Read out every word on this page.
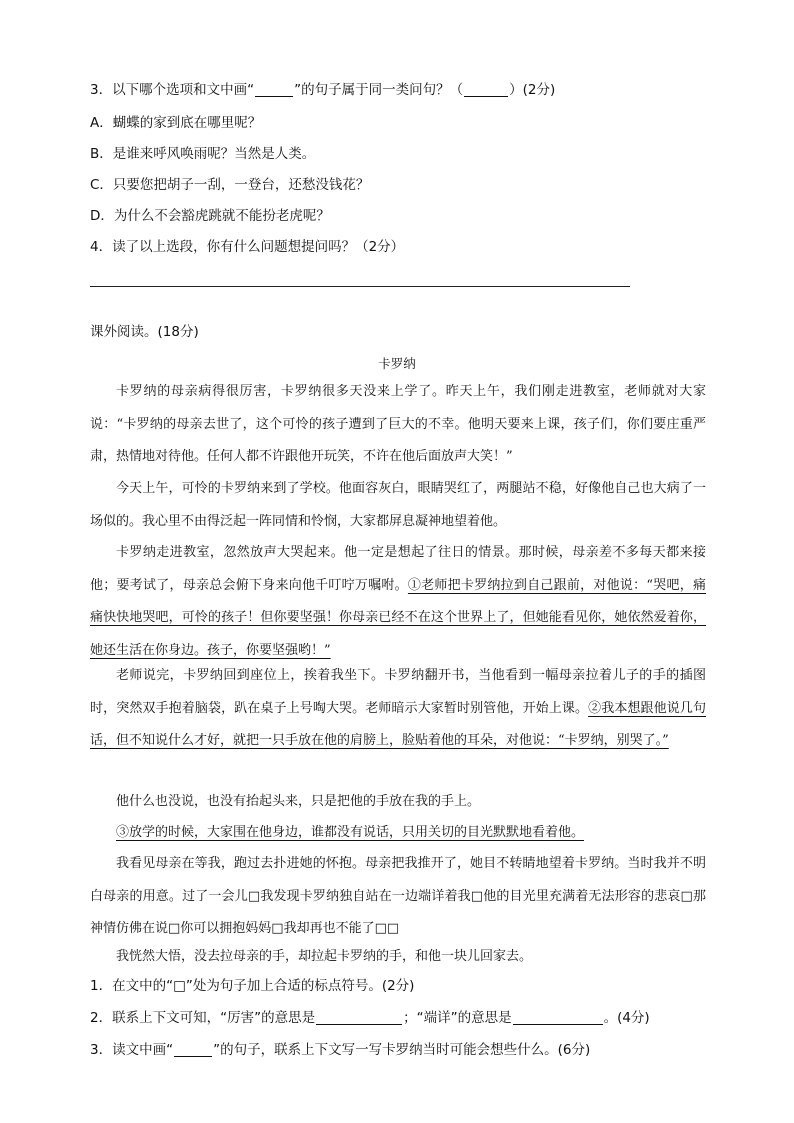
3．以下哪个选项和文中画“	”的句子属于同一类问句？（	）(2分)
A．蝴蝶的家到底在哪里呢？
B．是谁来呼风唤雨呢？当然是人类。
C．只要您把胡子一刮，一登台，还愁没钱花？
D．为什么不会豁虎跳就不能扮老虎呢？
4．读了以上选段，你有什么问题想提问吗？（2分）
课外阅读。(18分)
卡罗纳

卡罗纳的母亲病得很厉害，卡罗纳很多天没来上学了。昨天上午，我们刚走进教室，老师就对大家说：“卡罗纳的母亲去世了，这个可怜的孩子遭到了巨大的不幸。他明天要来上课，孩子们，你们要庄重严肃，热情地对待他。任何人都不许跟他开玩笑，不许在他后面放声大笑！”

今天上午，可怜的卡罗纳来到了学校。他面容灰白，眼睛哭红了，两腿站不稳，好像他自己也大病了一场似的。我心里不由得泛起一阵同情和怜悯，大家都屏息凝神地望着他。

卡罗纳走进教室，忽然放声大哭起来。他一定是想起了往日的情景。那时候，母亲差不多每天都来接他；要考试了，母亲总会俯下身来向他千叮咛万嘱咐。①老师把卡罗纳拉到自己跟前，对他说：“哭吧，痛痛快快地哭吧，可怜的孩子！但你要坚强！你母亲已经不在这个世界上了，但她能看见你，她依然爱着你，她还生活在你身边。孩子，你要坚强哟！”

老师说完，卡罗纳回到座位上，挨着我坐下。卡罗纳翻开书，当他看到一幅母亲拉着儿子的手的插图时，突然双手抱着脑袋，趴在桌子上号啕大哭。老师暗示大家暂时别管他，开始上课。②我本想跟他说几句话，但不知说什么才好，就把一只手放在他的肩膀上，脸贴着他的耳朵，对他说：“卡罗纳，别哭了。”

他什么也没说，也没有抬起头来，只是把他的手放在我的手上。

③放学的时候，大家围在他身边，谁都没有说话，只用关切的目光默默地看着他。

我看见母亲在等我，跑过去扑进她的怀抱。母亲把我推开了，她目不转睛地望着卡罗纳。当时我并不明白母亲的用意。过了一会儿□我发现卡罗纳独自站在一边端详着我□他的目光里充满着无法形容的悲哀□那神情仿佛在说□你可以拥抱妈妈□我却再也不能了□□

我恍然大悟，没去拉母亲的手，却拉起卡罗纳的手，和他一块儿回家去。

1．在文中的“□”处为句子加上合适的标点符号。(2分)
2．联系上下文可知，“厉害”的意思是	；“端详”的意思是	。(4分)
3．读文中画“	”的句子，联系上下文写一写卡罗纳当时可能会想些什么。(6分)
